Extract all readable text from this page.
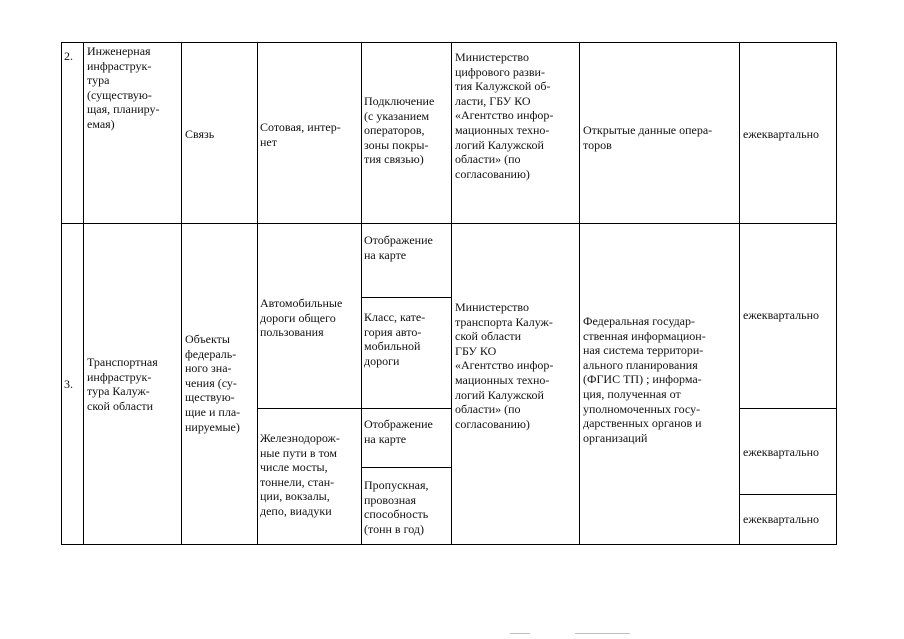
2. Инженерная
инфраструк-
тура
(существую-
щая, планиру-
емая)
Связь	Сотовая, интер-
нет
Подключение
(с указанием
операторов,
зоны покры-
тия связью)
Министерство
цифрового разви-
тия Калужской об-
ласти, ГБУ КО
«Агентство инфор-
мационных техно-
логий Калужской
области» (по
согласованию)
Открытые данные опера-
торов
ежеквартально
3.
Транспортная
инфраструк-
тура Калуж-
ской области
Объекты
федераль-
ного зна-
чения (су-
ществую-
щие и пла-
нируемые)
Автомобильные
дороги общего
пользования
Железнодорож-
ные пути в том
числе мосты,
тоннели, стан-
ции, вокзалы,
депо, виадуки
Отображение
на карте
Класс, кате-
гория авто-
мобильной
дороги
Отображение
на карте
Пропускная,
провозная
способность
(тонн в год)
Министерство
транспорта Калуж-
ской области
ГБУ КО
«Агентство инфор-
мационных техно-
логий Калужской
области» (по
согласованию)
Федеральная государ-
ственная информацион-
ная система территори-
ального планирования
(ФГИС ТП) ; информа-
ция, полученная от
уполномоченных госу-
дарственных органов и
организаций
ежеквартально
ежеквартально
ежеквартально
